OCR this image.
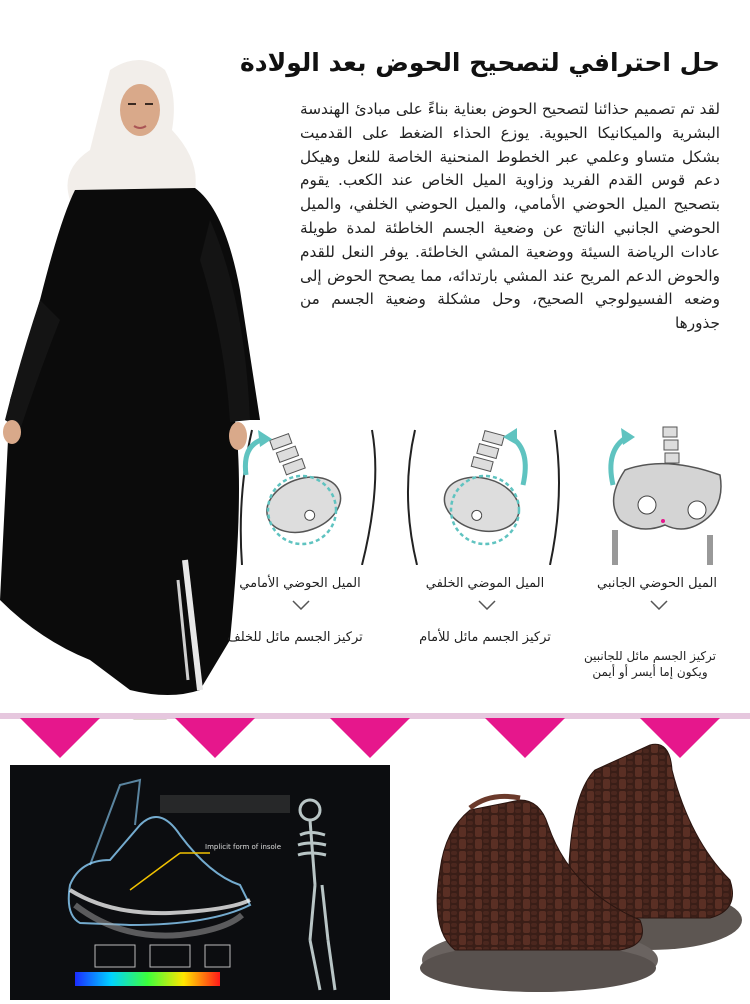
حل احترافي لتصحيح الحوض بعد الولادة
لقد تم تصميم حذائنا لتصحيح الحوض بعناية بناءً على مبادئ الهندسة البشرية والميكانيكا الحيوية. يوزع الحذاء الضغط على القدميت بشكل متساو وعلمي عبر الخطوط المنحنية الخاصة للنعل وهيكل دعم قوس القدم الفريد وزاوية الميل الخاص عند الكعب. يقوم بتصحيح الميل الحوضي الأمامي، والميل الحوضي الخلفي، والميل الحوضي الجانبي الناتج عن وضعية الجسم الخاطئة لمدة طويلة عادات الرياضة السيئة ووضعية المشي الخاطئة. يوفر النعل للقدم والحوض الدعم المريح عند المشي بارتدائه، مما يصحح الحوض إلى وضعه الفسيولوجي الصحيح، وحل مشكلة وضعية الجسم من جذورها
الميل الحوضي الأمامي
تركيز الجسم مائل للخلف
الميل الموضي الخلفي
تركيز الجسم مائل للأمام
الميل الحوضي الجانبي
تركيز الجسم مائل للجانبين
ويكون إما أيسر أو أيمن
Implicit form of insole
